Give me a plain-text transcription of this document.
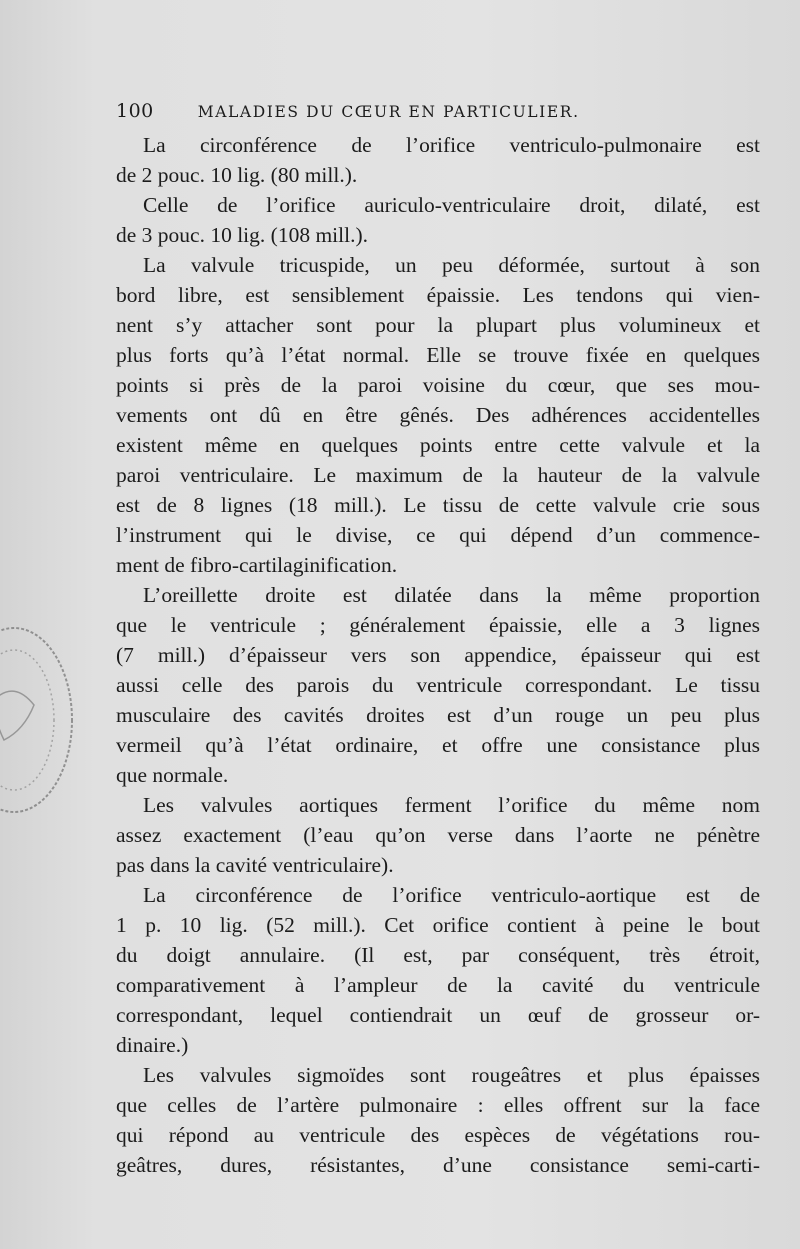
100	MALADIES DU CŒUR EN PARTICULIER.
La circonférence de l’orifice ventriculo-pulmonaire est
de 2 pouc. 10 lig. (80 mill.).
Celle de l’orifice auriculo-ventriculaire droit, dilaté, est
de 3 pouc. 10 lig. (108 mill.).
La valvule tricuspide, un peu déformée, surtout à son
bord libre, est sensiblement épaissie. Les tendons qui vien-
nent s’y attacher sont pour la plupart plus volumineux et
plus forts qu’à l’état normal. Elle se trouve fixée en quelques
points si près de la paroi voisine du cœur, que ses mou-
vements ont dû en être gênés. Des adhérences accidentelles
existent même en quelques points entre cette valvule et la
paroi ventriculaire. Le maximum de la hauteur de la valvule
est de 8 lignes (18 mill.). Le tissu de cette valvule crie sous
l’instrument qui le divise, ce qui dépend d’un commence-
ment de fibro-cartilaginification.
L’oreillette droite est dilatée dans la même proportion
que le ventricule ; généralement épaissie, elle a 3 lignes
(7 mill.) d’épaisseur vers son appendice, épaisseur qui est
aussi celle des parois du ventricule correspondant. Le tissu
musculaire des cavités droites est d’un rouge un peu plus
vermeil qu’à l’état ordinaire, et offre une consistance plus
que normale.
Les valvules aortiques ferment l’orifice du même nom
assez exactement (l’eau qu’on verse dans l’aorte ne pénètre
pas dans la cavité ventriculaire).
La circonférence de l’orifice ventriculo-aortique est de
1 p. 10 lig. (52 mill.). Cet orifice contient à peine le bout
du doigt annulaire. (Il est, par conséquent, très étroit,
comparativement à l’ampleur de la cavité du ventricule
correspondant, lequel contiendrait un œuf de grosseur or-
dinaire.)
Les valvules sigmoïdes sont rougeâtres et plus épaisses
que celles de l’artère pulmonaire : elles offrent sur la face
qui répond au ventricule des espèces de végétations rou-
geâtres, dures, résistantes, d’une consistance semi-carti-
